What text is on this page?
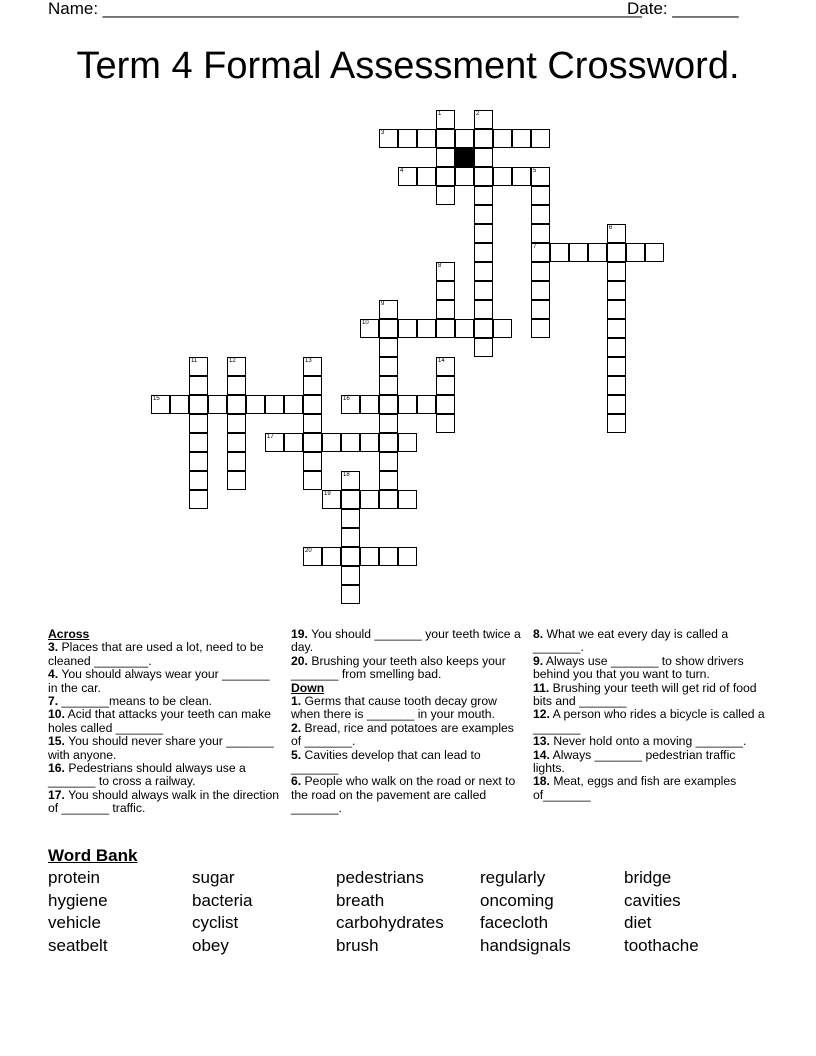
Name: _________________________________________________________
Date: _______
Term 4 Formal Assessment Crossword.
3
4	5
7
10
15	16
17
19
20
1	2
6
8
9
11	12	13	14
18
Across
3. Places that are used a lot, need to be cleaned ________.
4. You should always wear your _______ in the car.
7. _______means to be clean.
10. Acid that attacks your teeth can make holes called _______
15. You should never share your _______ with anyone.
16. Pedestrians should always use a _______ to cross a railway.
17. You should always walk in the direction of _______ traffic.
19. You should _______ your teeth twice a day.
20. Brushing your teeth also keeps your _______ from smelling bad.
Down
1. Germs that cause tooth decay grow when there is _______ in your mouth.
2. Bread, rice and potatoes are examples of _______.
5. Cavities develop that can lead to _______
6. People who walk on the road or next to the road on the pavement are called _______.
8. What we eat every day is called a _______.
9. Always use _______ to show drivers behind you that you want to turn.
11. Brushing your teeth will get rid of food bits and _______
12. A person who rides a bicycle is called a _______
13. Never hold onto a moving _______.
14. Always _______ pedestrian traffic lights.
18. Meat, eggs and fish are examples of_______
Word Bank
protein	sugar	pedestrians	regularly	bridge
hygiene	bacteria	breath	oncoming	cavities
vehicle	cyclist	carbohydrates facecloth	diet
seatbelt	obey	brush	handsignals	toothache
